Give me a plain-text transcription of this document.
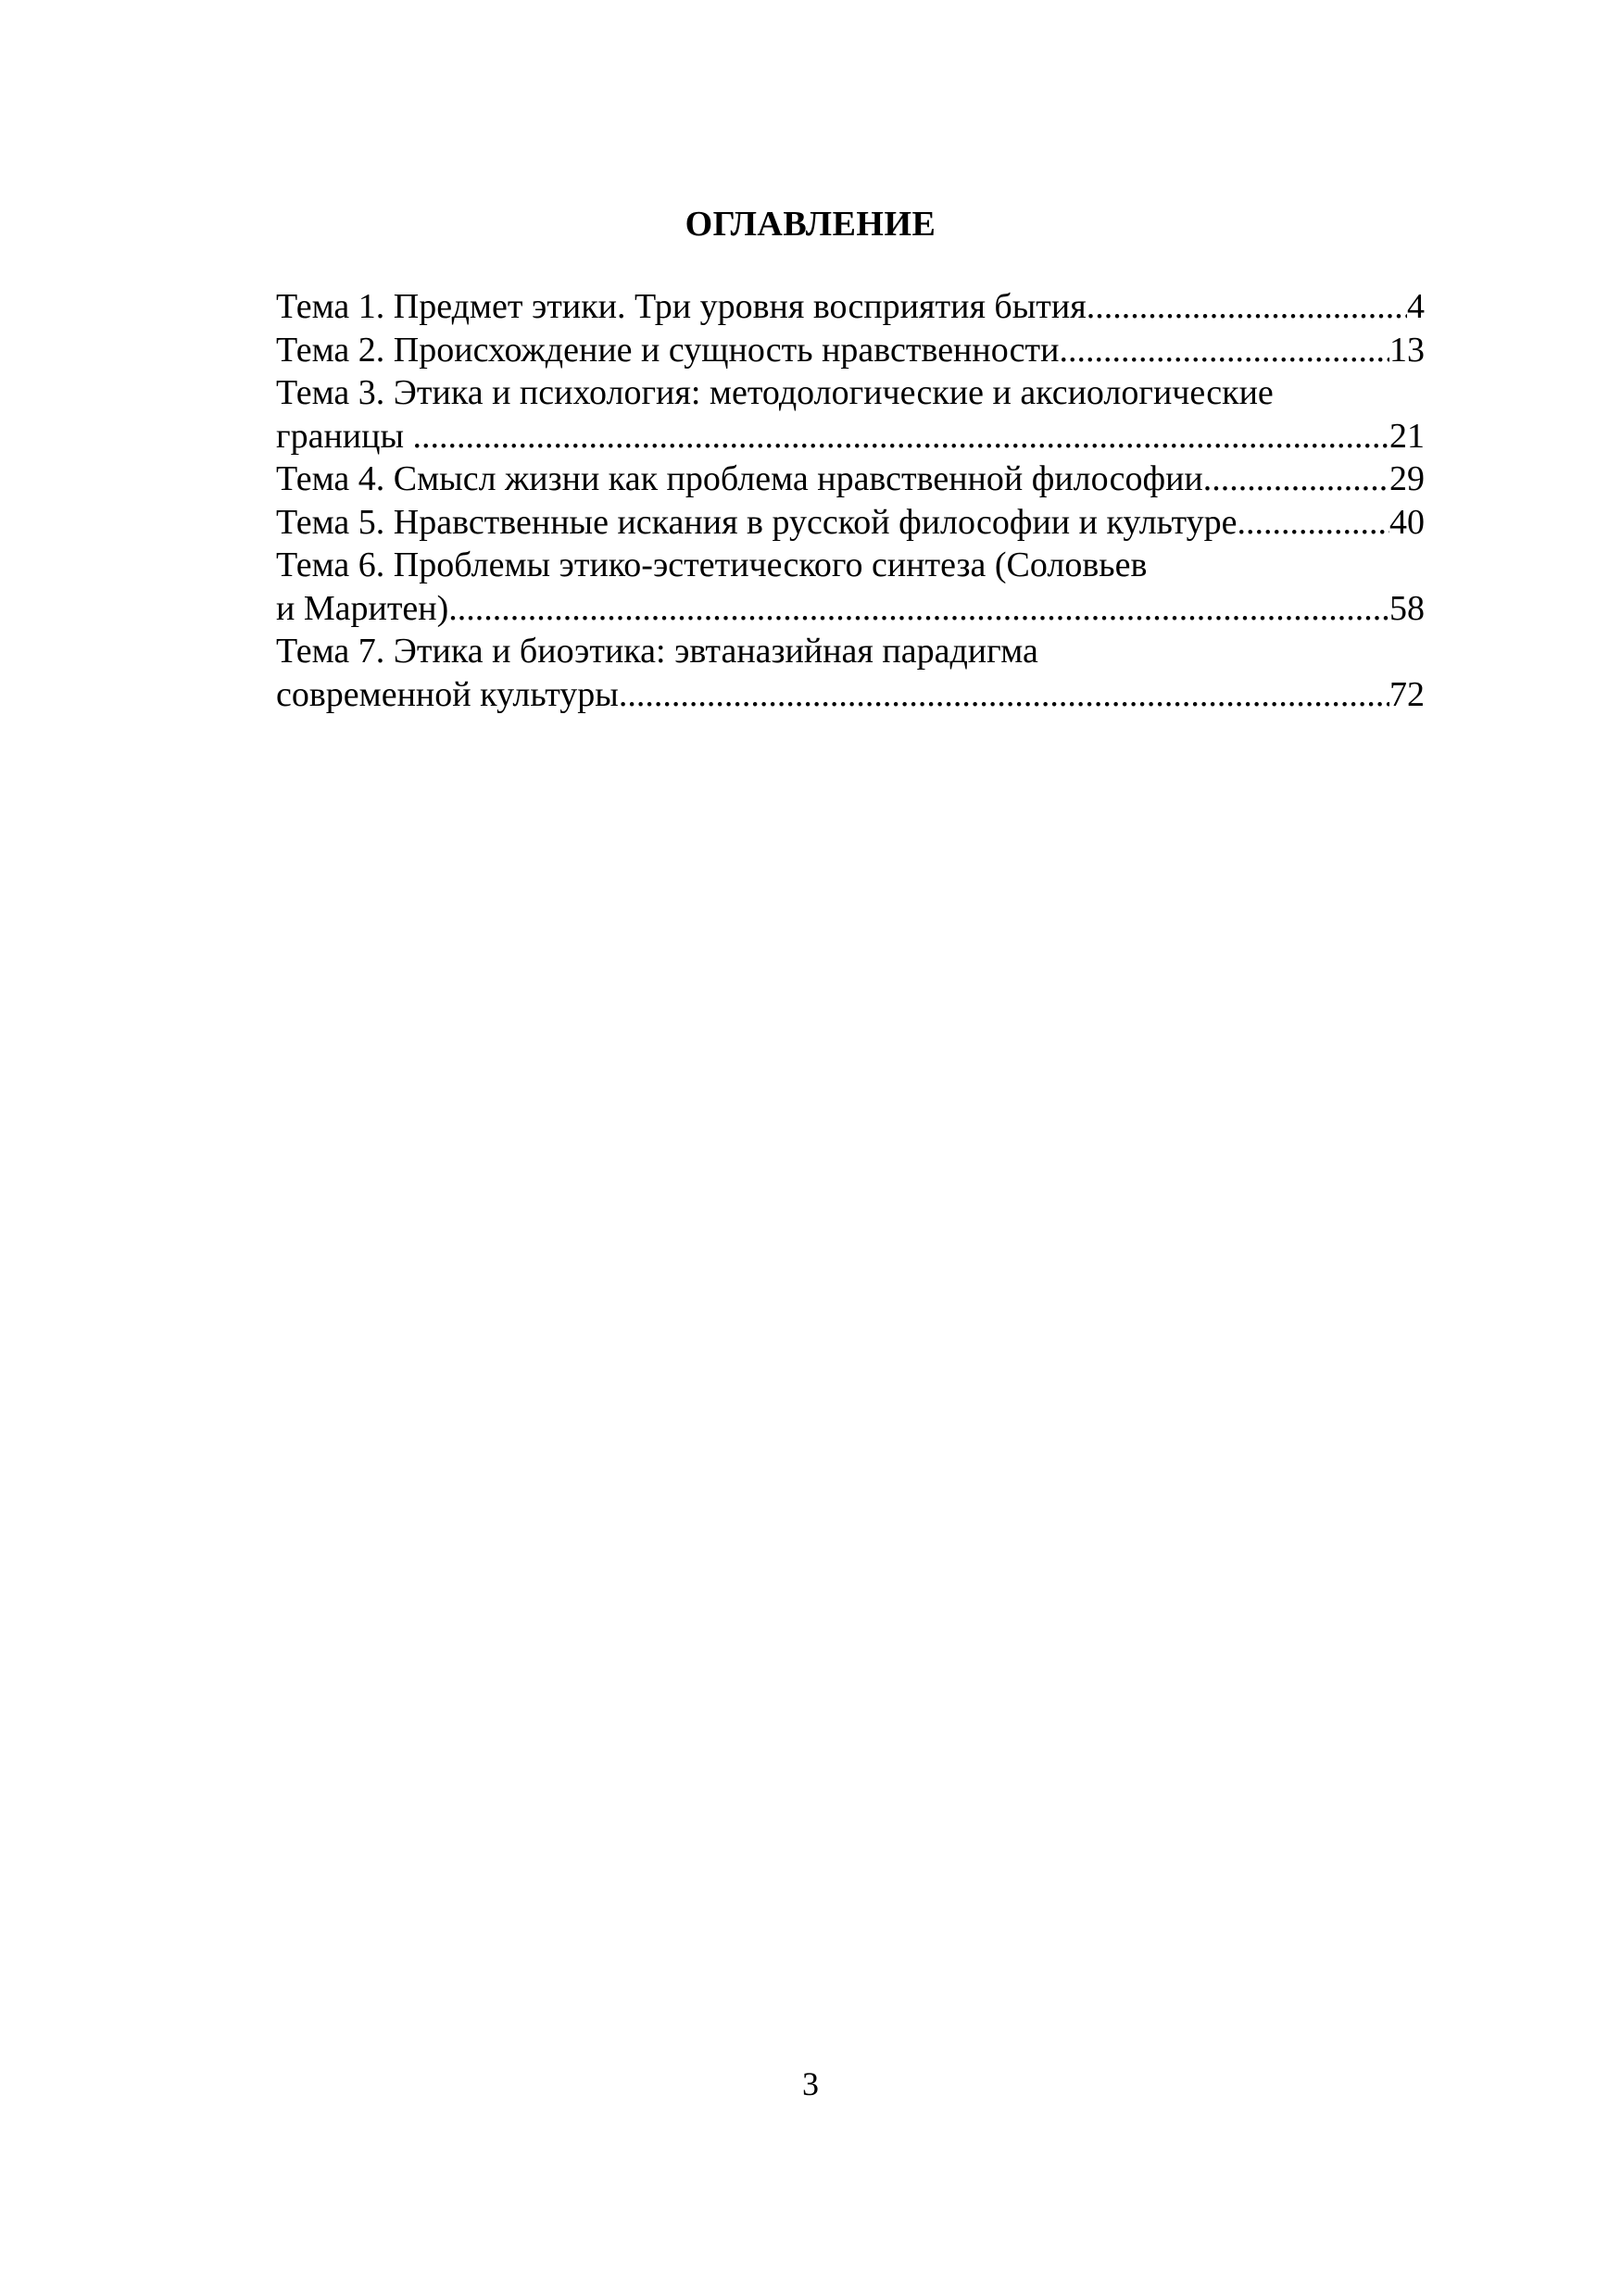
ОГЛАВЛЕНИЕ
Тема 1. Предмет этики. Три уровня восприятия бытия .....	4
Тема 2. Происхождение и сущность нравственности .....	13
Тема 3. Этика и психология: методологические и аксиологические
границы .....	21
Тема 4. Смысл жизни как проблема нравственной философии .....	29
Тема 5. Нравственные искания в русской философии и культуре .....	40
Тема 6. Проблемы этико-эстетического синтеза (Соловьев
и Маритен) .....	58
Тема 7. Этика и биоэтика: эвтаназийная парадигма
современной культуры .....	72
3
